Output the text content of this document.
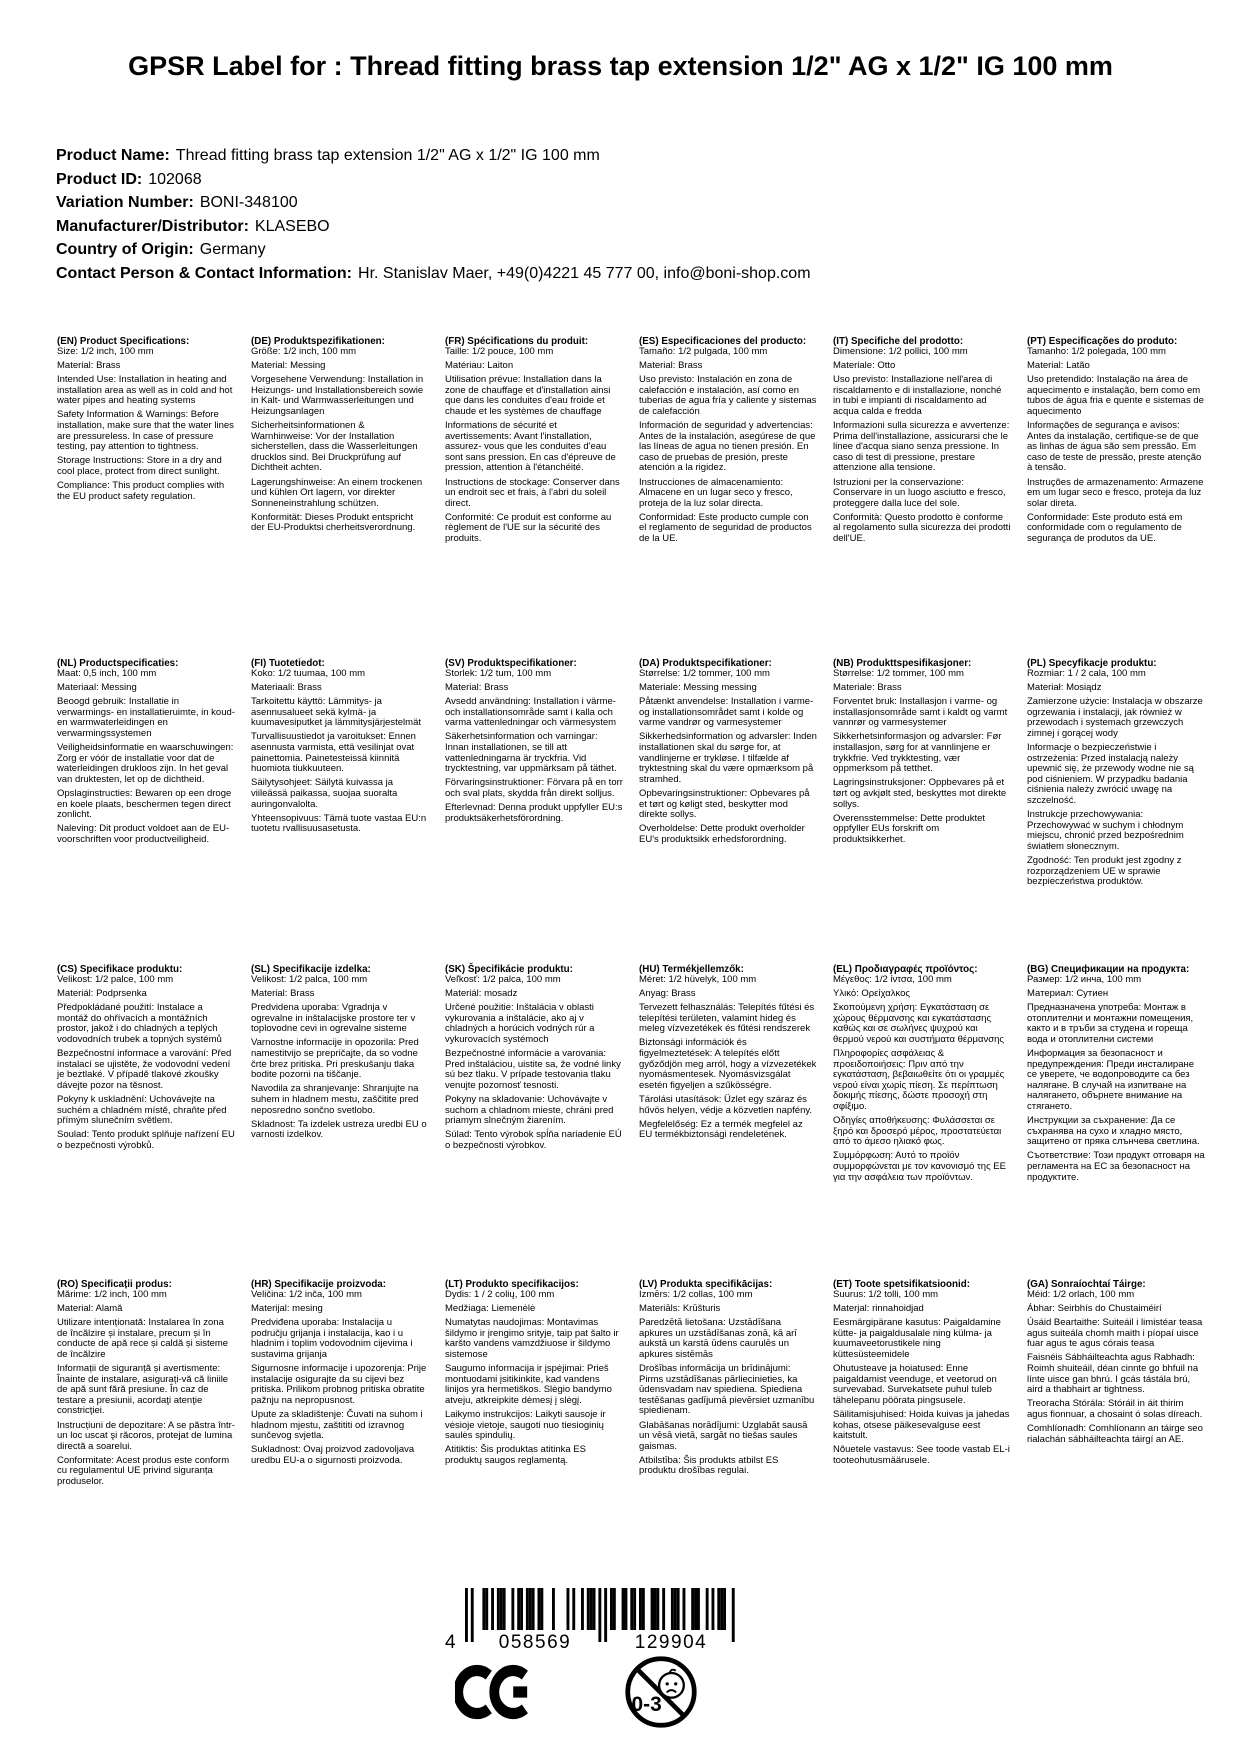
GPSR Label for : Thread fitting brass tap extension 1/2" AG x 1/2" IG 100 mm
Product Name: Thread fitting brass tap extension 1/2" AG x 1/2" IG 100 mm
Product ID: 102068
Variation Number: BONI-348100
Manufacturer/Distributor: KLASEBO
Country of Origin: Germany
Contact Person & Contact Information: Hr. Stanislav Maer, +49(0)4221 45 777 00, info@boni-shop.com
(EN) Product Specifications:

Size: 1/2 inch, 100 mm

Material: Brass

Intended Use: Installation in heating and installation area as well as in cold and hot water pipes and heating systems

Safety Information & Warnings: Before installation, make sure that the water lines are pressureless. In case of pressure testing, pay attention to tightness.

Storage Instructions: Store in a dry and cool place, protect from direct sunlight.

Compliance: This product complies with the EU product safety regulation.

(DE) Produktspezifikationen:

Größe: 1/2 inch, 100 mm

Material: Messing

Vorgesehene Verwendung: Installation in Heizungs- und Installationsbereich sowie in Kalt- und Warmwasserleitungen und Heizungsanlagen

Sicherheitsinformationen & Warnhinweise: Vor der Installation sicherstellen, dass die Wasserleitungen drucklos sind. Bei Druckprüfung auf Dichtheit achten.

Lagerungshinweise: An einem trockenen und kühlen Ort lagern, vor direkter Sonneneinstrahlung schützen.

Konformität: Dieses Produkt entspricht der EU-Produktsi cherheitsverordnung.

(FR) Spécifications du produit:

Taille: 1/2 pouce, 100 mm

Matériau: Laiton

Utilisation prévue: Installation dans la zone de chauffage et d'installation ainsi que dans les conduites d'eau froide et chaude et les systèmes de chauffage

Informations de sécurité et avertissements: Avant l'installation, assurez- vous que les conduites d'eau sont sans pression. En cas d'épreuve de pression, attention à l'étanchéité.

Instructions de stockage: Conserver dans un endroit sec et frais, à l'abri du soleil direct.

Conformité: Ce produit est conforme au règlement de l'UE sur la sécurité des produits.

(ES) Especificaciones del producto:

Tamaño: 1/2 pulgada, 100 mm

Material: Brass

Uso previsto: Instalación en zona de calefacción e instalación, así como en tuberias de agua fría y caliente y sistemas de calefacción

Información de seguridad y advertencias: Antes de la instalación, asegúrese de que las líneas de agua no tienen presión. En caso de pruebas de presión, preste atención a la rigidez.

Instrucciones de almacenamiento: Almacene en un lugar seco y fresco, proteja de la luz solar directa.

Conformidad: Este producto cumple con el reglamento de seguridad de productos de la UE.

(IT) Specifiche del prodotto:

Dimensione: 1/2 pollici, 100 mm

Materiale: Otto

Uso previsto: Installazione nell'area di riscaldamento e di installazione, nonché in tubi e impianti di riscaldamento ad acqua calda e fredda

Informazioni sulla sicurezza e avvertenze: Prima dell'installazione, assicurarsi che le linee d'acqua siano senza pressione. In caso di test di pressione, prestare attenzione alla tensione.

Istruzioni per la conservazione: Conservare in un luogo asciutto e fresco, proteggere dalla luce del sole.

Conformità: Questo prodotto è conforme al regolamento sulla sicurezza dei prodotti dell'UE.

(PT) Especificações do produto:

Tamanho: 1/2 polegada, 100 mm

Material: Latão

Uso pretendido: Instalação na área de aquecimento e instalação, bem como em tubos de água fria e quente e sistemas de aquecimento

Informações de segurança e avisos: Antes da instalação, certifique-se de que as linhas de água são sem pressão. Em caso de teste de pressão, preste atenção à tensão.

Instruções de armazenamento: Armazene em um lugar seco e fresco, proteja da luz solar direta.

Conformidade: Este produto está em conformidade com o regulamento de segurança de produtos da UE.

(NL) Productspecificaties:

Maat: 0,5 inch, 100 mm

Materiaal: Messing

Beoogd gebruik: Installatie in verwarmings- en installatieruimte, in koud- en warmwaterleidingen en verwarmingssystemen

Veiligheidsinformatie en waarschuwingen: Zorg er vóór de installatie voor dat de waterleidingen drukloos zijn. In het geval van druktesten, let op de dichtheid.

Opslaginstructies: Bewaren op een droge en koele plaats, beschermen tegen direct zonlicht.

Naleving: Dit product voldoet aan de EU- voorschriften voor productveiligheid.

(FI) Tuotetiedot:

Koko: 1/2 tuumaa, 100 mm

Materiaali: Brass

Tarkoitettu käyttö: Lämmitys- ja asennusalueet sekä kylmä- ja kuumavesiputket ja lämmitysjärjestelmät

Turvallisuustiedot ja varoitukset: Ennen asennusta varmista, että vesilinjat ovat painettomia. Painetesteissä kiinnitä huomiota tiukkuuteen.

Säilytysohjeet: Säilytä kuivassa ja viileässä paikassa, suojaa suoralta auringonvalolta.

Yhteensopivuus: Tämä tuote vastaa EU:n tuotetu rvallisuusasetusta.

(SV) Produktspecifikationer:

Storlek: 1/2 tum, 100 mm

Material: Brass

Avsedd användning: Installation i värme- och installationsområde samt i kalla och varma vattenledningar och värmesystem

Säkerhetsinformation och varningar: Innan installationen, se till att vattenledningarna är tryckfria. Vid trycktestning, var uppmärksam på täthet.

Förvaringsinstruktioner: Förvara på en torr och sval plats, skydda från direkt solljus.

Efterlevnad: Denna produkt uppfyller EU:s produktsäkerhetsförordning.

(DA) Produktspecifikationer:

Størrelse: 1/2 tommer, 100 mm

Materiale: Messing messing

Påtænkt anvendelse: Installation i varme- og installationsområdet samt i kolde og varme vandrør og varmesystemer

Sikkerhedsinformation og advarsler: Inden installationen skal du sørge for, at vandlinjerne er trykløse. I tilfælde af tryktestning skal du være opmærksom på stramhed.

Opbevaringsinstruktioner: Opbevares på et tørt og køligt sted, beskytter mod direkte sollys.

Overholdelse: Dette produkt overholder EU's produktsikk erhedsforordning.

(NB) Produkttspesifikasjoner:

Størrelse: 1/2 tommer, 100 mm

Materiale: Brass

Forventet bruk: Installasjon i varme- og installasjonsområde samt i kaldt og varmt vannrør og varmesystemer

Sikkerhetsinformasjon og advarsler: Før installasjon, sørg for at vannlinjene er trykkfrie. Ved trykktesting, vær oppmerksom på tetthet.

Lagringsinstruksjoner: Oppbevares på et tørt og avkjølt sted, beskyttes mot direkte sollys.

Overensstemmelse: Dette produktet oppfyller EUs forskrift om produktsikkerhet.

(PL) Specyfikacje produktu:

Rozmiar: 1 / 2 cala, 100 mm

Materiał: Mosiądz

Zamierzone użycie: Instalacja w obszarze ogrzewania i instalacji, jak również w przewodach i systemach grzewczych zimnej i gorącej wody

Informacje o bezpieczeństwie i ostrzeżenia: Przed instalacją należy upewnić się, że przewody wodne nie są pod ciśnieniem. W przypadku badania ciśnienia należy zwrócić uwagę na szczelność.

Instrukcje przechowywania: Przechowywać w suchym i chłodnym miejscu, chronić przed bezpośrednim światłem słonecznym.

Zgodność: Ten produkt jest zgodny z rozporządzeniem UE w sprawie bezpieczeństwa produktów.

(CS) Specifikace produktu:

Velikost: 1/2 palce, 100 mm

Materiál: Podprsenka

Předpokládané použití: Instalace a montáž do ohřívacích a montážních prostor, jakož i do chladných a teplých vodovodních trubek a topných systémů

Bezpečnostní informace a varování: Před instalací se ujistěte, že vodovodní vedení je beztlaké. V případě tlakové zkoušky dávejte pozor na těsnost.

Pokyny k uskladnění: Uchovávejte na suchém a chladném místě, chraňte před přímým slunečním světlem.

Soulad: Tento produkt splňuje nařízení EU o bezpečnosti výrobků.

(SL) Specifikacije izdelka:

Velikost: 1/2 palca, 100 mm

Material: Brass

Predvidena uporaba: Vgradnja v ogrevalne in inštalacijske prostore ter v toplovodne cevi in ogrevalne sisteme

Varnostne informacije in opozorila: Pred namestitvijo se prepričajte, da so vodne črte brez pritiska. Pri preskušanju tlaka bodite pozorni na tiščanje.

Navodila za shranjevanje: Shranjujte na suhem in hladnem mestu, zaščitite pred neposredno sončno svetlobo.

Skladnost: Ta izdelek ustreza uredbi EU o varnosti izdelkov.

(SK) Špecifikácie produktu:

Veľkosť: 1/2 palca, 100 mm

Materiál: mosadz

Určené použitie: Inštalácia v oblasti vykurovania a inštalácie, ako aj v chladných a horúcich vodných rúr a vykurovacích systémoch

Bezpečnostné informácie a varovania: Pred inštaláciou, uistite sa, že vodné linky sú bez tlaku. V prípade testovania tlaku venujte pozornosť tesnosti.

Pokyny na skladovanie: Uchovávajte v suchom a chladnom mieste, chráni pred priamym slnečným žiarením.

Súlad: Tento výrobok spĺňa nariadenie EÚ o bezpečnosti výrobkov.

(HU) Termékjellemzők:

Méret: 1/2 hüvelyk, 100 mm

Anyag: Brass

Tervezett felhasználás: Telepítés fűtési és telepítési területen, valamint hideg és meleg vízvezetékek és fűtési rendszerek

Biztonsági információk és figyelmeztetések: A telepítés előtt győződjön meg arról, hogy a vízvezetékek nyomásmentesek. Nyomásvizsgálat esetén figyeljen a szűkösségre.

Tárolási utasítások: Üzlet egy száraz és hűvös helyen, védje a közvetlen napfény.

Megfelelőség: Ez a termék megfelel az EU termékbiztonsági rendeletének.

(EL) Προδιαγραφές προϊόντος:

Μέγεθος: 1/2 ίντσα, 100 mm

Υλικό: Ορείχαλκος

Σκοπούμενη χρήση: Εγκατάσταση σε χώρους θέρμανσης και εγκατάστασης καθώς και σε σωλήνες ψυχρού και θερμού νερού και συστήματα θέρμανσης

Πληροφορίες ασφάλειας & προειδοποιήσεις: Πριν από την εγκατάσταση, βεβαιωθείτε ότι οι γραμμές νερού είναι χωρίς πίεση. Σε περίπτωση δοκιμής πίεσης, δώστε προσοχή στη σφίξιμο.

Οδηγίες αποθήκευσης: Φυλάσσεται σε ξηρό και δροσερό μέρος, προστατεύεται από το άμεσο ηλιακό φως.

Συμμόρφωση: Αυτό το προϊόν συμμορφώνεται με τον κανονισμό της ΕΕ για την ασφάλεια των προϊόντων.

(BG) Спецификации на продукта:

Размер: 1/2 инча, 100 mm

Материал: Сутиен

Предназначена употреба: Монтаж в отоплителни и монтажни помещения, както и в тръби за студена и гореща вода и отоплителни системи

Информация за безопасност и предупреждения: Преди инсталиране се уверете, че водопроводите са без налягане. В случай на изпитване на налягането, обърнете внимание на стягането.

Инструкции за съхранение: Да се съхранява на сухо и хладно място, защитено от пряка слънчева светлина.

Съответствие: Този продукт отговаря на регламента на ЕС за безопасност на продуктите.

(RO) Specificații produs:

Mărime: 1/2 inch, 100 mm

Material: Alamă

Utilizare intenționată: Instalarea în zona de încălzire și instalare, precum și în conducte de apă rece și caldă și sisteme de încălzire

Informații de siguranță și avertismente: Înainte de instalare, asigurați-vă că liniile de apă sunt fără presiune. În caz de testare a presiunii, acordaţi atenţie constricţiei.

Instrucțiuni de depozitare: A se păstra într- un loc uscat şi răcoros, protejat de lumina directă a soarelui.

Conformitate: Acest produs este conform cu regulamentul UE privind siguranța produselor.

(HR) Specifikacije proizvoda:

Veličina: 1/2 inča, 100 mm

Materijal: mesing

Predviđena uporaba: Instalacija u području grijanja i instalacija, kao i u hladnim i toplim vodovodnim cijevima i sustavima grijanja

Sigurnosne informacije i upozorenja: Prije instalacije osigurajte da su cijevi bez pritiska. Prilikom probnog pritiska obratite pažnju na nepropusnost.

Upute za skladištenje: Čuvati na suhom i hladnom mjestu, zaštititi od izravnog sunčevog svjetla.

Sukladnost: Ovaj proizvod zadovoljava uredbu EU-a o sigurnosti proizvoda.

(LT) Produkto specifikacijos:

Dydis: 1 / 2 colių, 100 mm

Medžiaga: Liemenėlė

Numatytas naudojimas: Montavimas šildymo ir įrengimo srityje, taip pat šalto ir karšto vandens vamzdžiuose ir šildymo sistemose

Saugumo informacija ir įspėjimai: Prieš montuodami įsitikinkite, kad vandens linijos yra hermetiškos. Slėgio bandymo atveju, atkreipkite dėmesį į slėgį.

Laikymo instrukcijos: Laikyti sausoje ir vėsioje vietoje, saugoti nuo tiesioginių saulės spindulių.

Atitiktis: Šis produktas atitinka ES produktų saugos reglamentą.

(LV) Produkta specifikācijas:

Izmērs: 1/2 collas, 100 mm

Materiāls: Krūšturis

Paredzētā lietošana: Uzstādīšana apkures un uzstādīšanas zonā, kā arī aukstā un karstā ūdens caurulēs un apkures sistēmās

Drošības informācija un brīdinājumi: Pirms uzstādīšanas pārliecinieties, ka ūdensvadam nav spiediena. Spiediena testēšanas gadījumā pievērsiet uzmanību spiedienam.

Glabāšanas norādījumi: Uzglabāt sausā un vēsā vietā, sargāt no tiešas saules gaismas.

Atbilstība: Šis produkts atbilst ES produktu drošības regulai.

(ET) Toote spetsifikatsioonid:

Suurus: 1/2 tolli, 100 mm

Materjal: rinnahoidjad

Eesmärgipärane kasutus: Paigaldamine kütte- ja paigaldusalale ning külma- ja kuumaveetorustikele ning küttesüsteemidele

Ohutusteave ja hoiatused: Enne paigaldamist veenduge, et veetorud on survevabad. Survekatsete puhul tuleb tähelepanu pöörata pingsusele.

Säilitamisjuhised: Hoida kuivas ja jahedas kohas, otsese päikesevalguse eest kaitstult.

Nõuetele vastavus: See toode vastab EL-i tooteohutusmäärusele.

(GA) Sonraíochtaí Táirge:

Méid: 1/2 orlach, 100 mm

Ábhar: Seirbhís do Chustaiméirí

Úsáid Beartaithe: Suiteáil i limistéar teasa agus suiteála chomh maith i píopaí uisce fuar agus te agus córais teasa

Faisnéis Sábháilteachta agus Rabhadh: Roimh shuiteáil, déan cinnte go bhfuil na línte uisce gan bhrú. I gcás tástála brú, aird a thabhairt ar tightness.

Treoracha Stórála: Stóráil in áit thirim agus fionnuar, a chosaint ó solas díreach.

Comhlíonadh: Comhlíonann an táirge seo rialachán sábháilteachta táirgí an AE.

4 058569	129904
0-3
